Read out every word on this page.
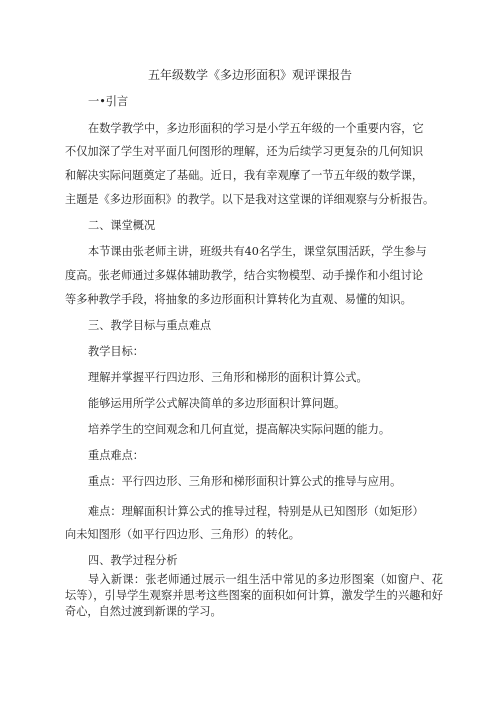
五年级数学《多边形面积》观评课报告
一•引言
在数学教学中，多边形面积的学习是小学五年级的一个重要内容，它
不仅加深了学生对平面几何图形的理解，还为后续学习更复杂的几何知识
和解决实际问题奠定了基础。近日，我有幸观摩了一节五年级的数学课，
主题是《多边形面积》的教学。以下是我对这堂课的详细观察与分析报告。
二、课堂概况
本节课由张老师主讲，班级共有40名学生，课堂氛围活跃，学生参与
度高。张老师通过多媒体辅助教学，结合实物模型、动手操作和小组讨论
等多种教学手段，将抽象的多边形面积计算转化为直观、易懂的知识。
三、教学目标与重点难点
教学目标：
理解并掌握平行四边形、三角形和梯形的面积计算公式。
能够运用所学公式解决简单的多边形面积计算问题。
培养学生的空间观念和几何直觉，提高解决实际问题的能力。
重点难点：
重点：平行四边形、三角形和梯形面积计算公式的推导与应用。
难点：理解面积计算公式的推导过程，特别是从已知图形（如矩形）
向未知图形（如平行四边形、三角形）的转化。
四、教学过程分析
导入新课：张老师通过展示一组生活中常见的多边形图案（如窗户、花坛等），引导学生观察并思考这些图案的面积如何计算，激发学生的兴趣和好奇心，自然过渡到新课的学习。
